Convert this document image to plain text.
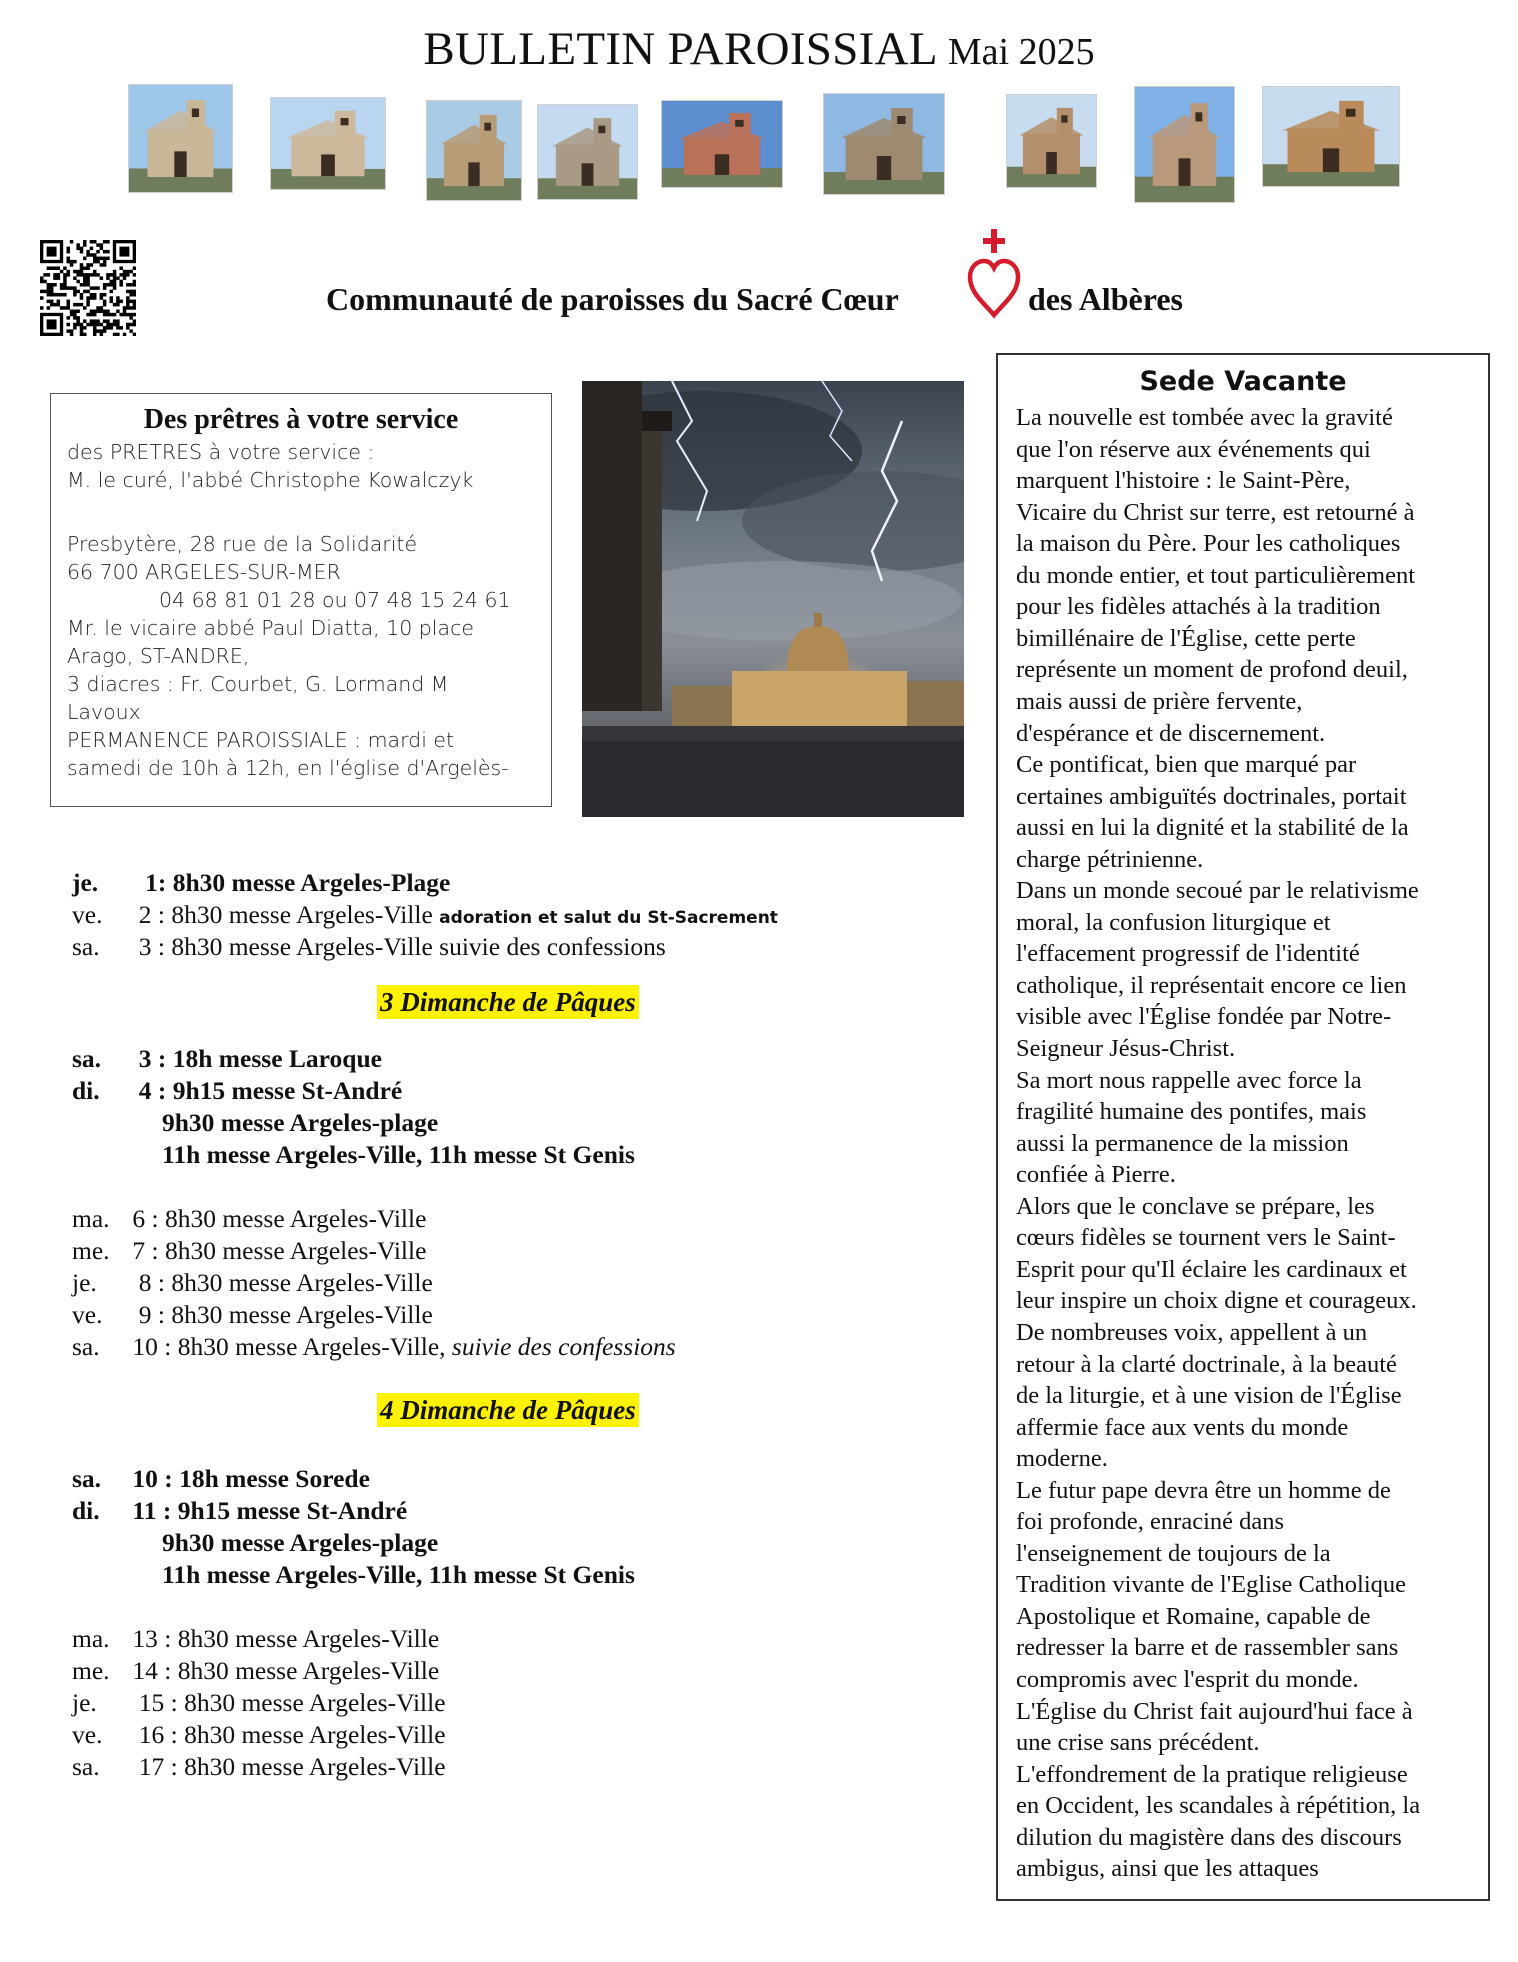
BULLETIN PAROISSIAL Mai 2025
Communauté de paroisses du Sacré Cœur	des Albères
Des prêtres à votre service
des PRETRES à votre service :
M. le curé, l'abbé Christophe Kowalczyk
Presbytère, 28 rue de la Solidarité
66 700 ARGELES-SUR-MER
04 68 81 01 28 ou 07 48 15 24 61
Mr. le vicaire abbé Paul Diatta, 10 place
Arago, ST-ANDRE,
3 diacres : Fr. Courbet, G. Lormand M
Lavoux
PERMANENCE PAROISSIALE : mardi et
samedi de 10h à 12h, en l'église d'Argelès-
je. 1: 8h30 messe Argeles-Plage
ve. 2 : 8h30 messe Argeles-Ville adoration et salut du St-Sacrement
sa. 3 : 8h30 messe Argeles-Ville suivie des confessions
3 Dimanche de Pâques
sa. 3 : 18h messe Laroque
di. 4 : 9h15 messe St-André
9h30 messe Argeles-plage
11h messe Argeles-Ville, 11h messe St Genis
ma. 6 : 8h30 messe Argeles-Ville
me. 7 : 8h30 messe Argeles-Ville
je. 8 : 8h30 messe Argeles-Ville
ve. 9 : 8h30 messe Argeles-Ville
sa. 10 : 8h30 messe Argeles-Ville, suivie des confessions
4 Dimanche de Pâques
sa. 10 : 18h messe Sorede
di. 11 : 9h15 messe St-André
9h30 messe Argeles-plage
11h messe Argeles-Ville, 11h messe St Genis
ma. 13 : 8h30 messe Argeles-Ville
me. 14 : 8h30 messe Argeles-Ville
je. 15 : 8h30 messe Argeles-Ville
ve. 16 : 8h30 messe Argeles-Ville
sa. 17 : 8h30 messe Argeles-Ville
Sede Vacante
La nouvelle est tombée avec la gravité
que l'on réserve aux événements qui
marquent l'histoire : le Saint-Père,
Vicaire du Christ sur terre, est retourné à
la maison du Père. Pour les catholiques
du monde entier, et tout particulièrement
pour les fidèles attachés à la tradition
bimillénaire de l'Église, cette perte
représente un moment de profond deuil,
mais aussi de prière fervente,
d'espérance et de discernement.
Ce pontificat, bien que marqué par
certaines ambiguïtés doctrinales, portait
aussi en lui la dignité et la stabilité de la
charge pétrinienne.
Dans un monde secoué par le relativisme
moral, la confusion liturgique et
l'effacement progressif de l'identité
catholique, il représentait encore ce lien
visible avec l'Église fondée par Notre-
Seigneur Jésus-Christ.
Sa mort nous rappelle avec force la
fragilité humaine des pontifes, mais
aussi la permanence de la mission
confiée à Pierre.
Alors que le conclave se prépare, les
cœurs fidèles se tournent vers le Saint-
Esprit pour qu'Il éclaire les cardinaux et
leur inspire un choix digne et courageux.
De nombreuses voix, appellent à un
retour à la clarté doctrinale, à la beauté
de la liturgie, et à une vision de l'Église
affermie face aux vents du monde
moderne.
Le futur pape devra être un homme de
foi profonde, enraciné dans
l'enseignement de toujours de la
Tradition vivante de l'Eglise Catholique
Apostolique et Romaine, capable de
redresser la barre et de rassembler sans
compromis avec l'esprit du monde.
L'Église du Christ fait aujourd'hui face à
une crise sans précédent.
L'effondrement de la pratique religieuse
en Occident, les scandales à répétition, la
dilution du magistère dans des discours
ambigus, ainsi que les attaques
